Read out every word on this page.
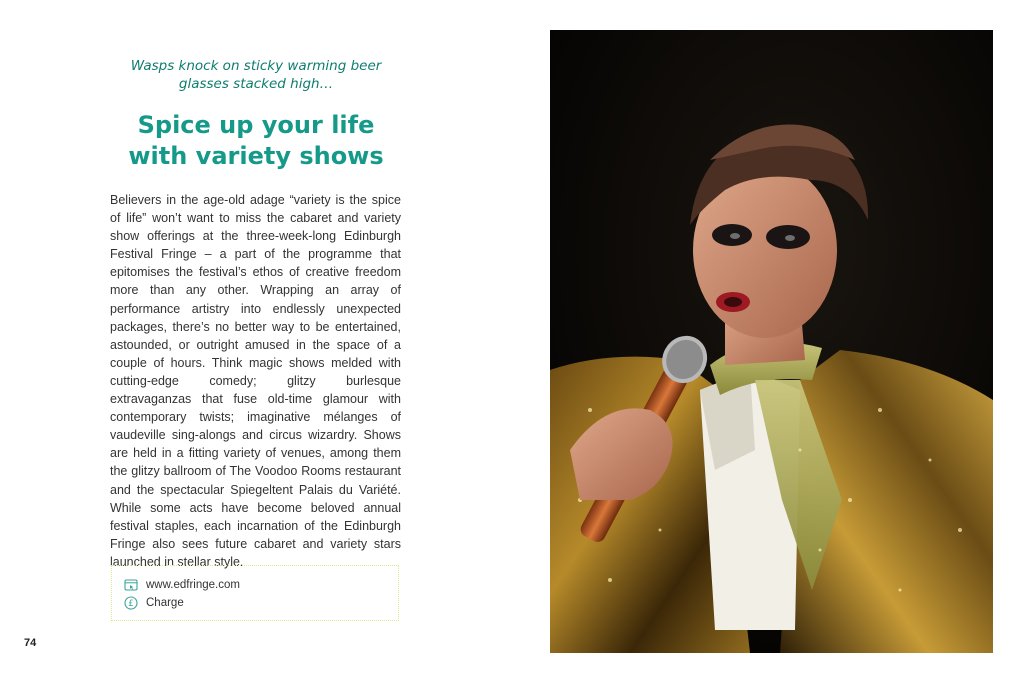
Wasps knock on sticky warming beer
glasses stacked high…
Spice up your life
with variety shows

Believers in the age-old adage “variety is the spice of life” won’t want to miss the cabaret and variety show offerings at the three-week-long Edinburgh Festival Fringe – a part of the programme that epitomises the festival’s ethos of creative freedom more than any other. Wrapping an array of performance artistry into endlessly unexpected packages, there’s no better way to be entertained, astounded, or outright amused in the space of a couple of hours. Think magic shows melded with cutting-edge comedy; glitzy burlesque extravaganzas that fuse old-time glamour with contemporary twists; imaginative mélanges of vaudeville sing-alongs and circus wizardry. Shows are held in a fitting variety of venues, among them the glitzy ballroom of The Voodoo Rooms restaurant and the spectacular Spiegeltent Palais du Variété. While some acts have become beloved annual festival staples, each incarnation of the Edinburgh Fringe also sees future cabaret and variety stars launched in stellar style.

www.edfringe.com
£ Charge
74
